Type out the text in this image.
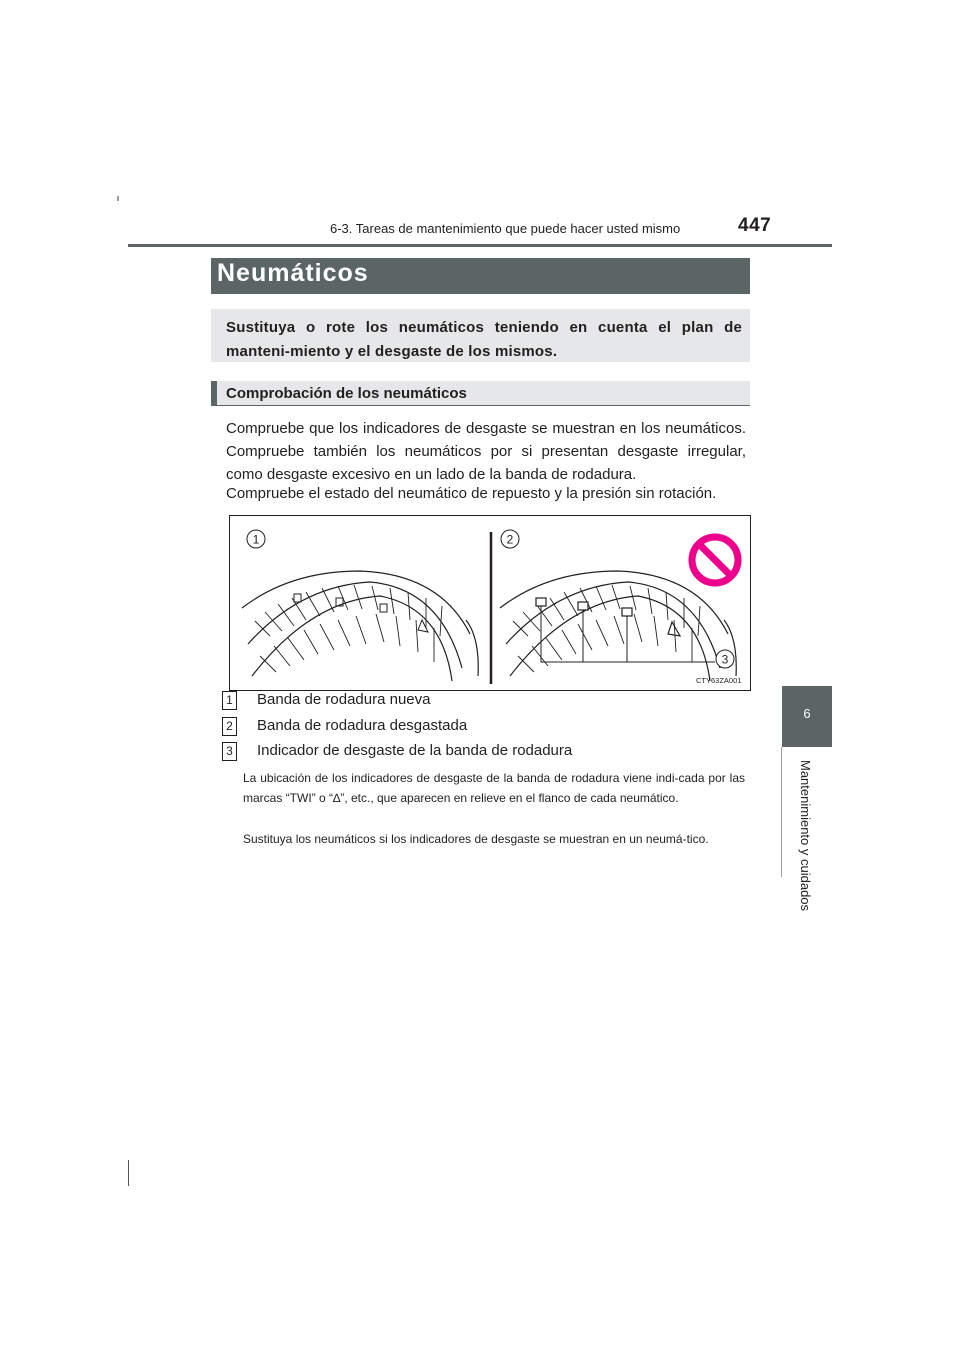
6-3. Tareas de mantenimiento que puede hacer usted mismo	447
6
Mantenimiento y cuidados
Neumáticos
Sustituya o rote los neumáticos teniendo en cuenta el plan de manteni-miento y el desgaste de los mismos.
Comprobación de los neumáticos
Compruebe que los indicadores de desgaste se muestran en los neumáticos. Compruebe también los neumáticos por si presentan desgaste irregular, como desgaste excesivo en un lado de la banda de rodadura.
Compruebe el estado del neumático de repuesto y la presión sin rotación.
1	2
3
CTY63ZA001
1 Banda de rodadura nueva
2 Banda de rodadura desgastada
3 Indicador de desgaste de la banda de rodadura
La ubicación de los indicadores de desgaste de la banda de rodadura viene indi-cada por las marcas “TWI” o “∆”, etc., que aparecen en relieve en el flanco de cada neumático.
Sustituya los neumáticos si los indicadores de desgaste se muestran en un neumá-tico.
